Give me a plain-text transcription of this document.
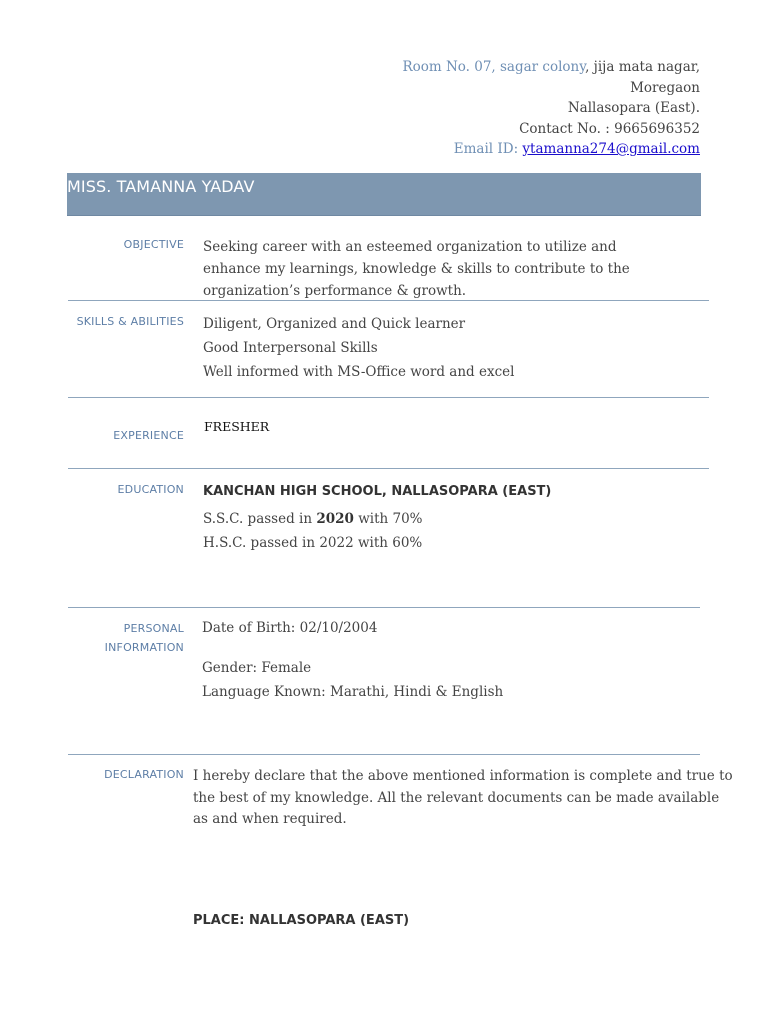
Room No. 07, sagar colony, jija mata nagar,
Moregaon
Nallasopara (East).
Contact No. : 9665696352
Email ID: ytamanna274@gmail.com
MISS. TAMANNA YADAV
OBJECTIVE Seeking career with an esteemed organization to utilize and
enhance my learnings, knowledge & skills to contribute to the
organization’s performance & growth.
SKILLS & ABILITIES Diligent, Organized and Quick learner
Good Interpersonal Skills
Well informed with MS-Office word and excel
EXPERIENCE
FRESHER
EDUCATION KANCHAN HIGH SCHOOL, NALLASOPARA (EAST)
S.S.C. passed in 2020 with 70%
H.S.C. passed in 2022 with 60%
PERSONAL
INFORMATION
Date of Birth: 02/10/2004
Gender: Female
Language Known: Marathi, Hindi & English
DECLARATION I hereby declare that the above mentioned information is complete and true to
the best of my knowledge. All the relevant documents can be made available
as and when required.
PLACE: NALLASOPARA (EAST)
